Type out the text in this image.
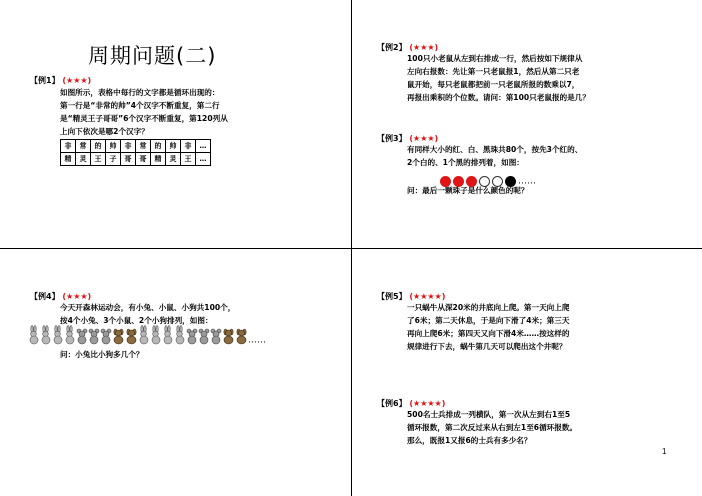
周期问题(二)
【例1】 (★★★)
如图所示，表格中每行的文字都是循环出现的：
第一行是“非常的帅”4个汉字不断重复，第二行
是“精灵王子哥哥”6个汉字不断重复，第120列从
上向下依次是哪2个汉字？
非	常	的	帅	非	常	的	帅	非	…
精	灵	王	子	哥	哥	精	灵	王	…
【例2】 (★★★)
100只小老鼠从左到右排成一行，然后按如下规律从
左向右报数：先让第一只老鼠报1，然后从第二只老
鼠开始，每只老鼠都把前一只老鼠所报的数乘以7，
再报出乘积的个位数。请问：第100只老鼠报的是几？
【例3】 (★★★)
有同样大小的红、白、黑珠共80个，按先3个红的、
2个白的、1个黑的排列着，如图：
……
问：最后一颗珠子是什么颜色的呢？
【例4】 (★★★)
今天开森林运动会，有小兔、小鼠、小狗共100个，
按4个小兔、3个小鼠、2个小狗排列，如图：
……
问：小兔比小狗多几个？
【例5】 (★★★★)
一只蜗牛从深20米的井底向上爬。第一天向上爬
了6米；第二天休息，于是向下滑了4米；第三天
再向上爬6米；第四天又向下滑4米……按这样的
规律进行下去，蜗牛第几天可以爬出这个井呢？
【例6】 (★★★★)
500名士兵排成一列横队，第一次从左到右1至5
循环报数，第二次反过来从右到左1至6循环报数。
那么，既报1又报6的士兵有多少名？
1
